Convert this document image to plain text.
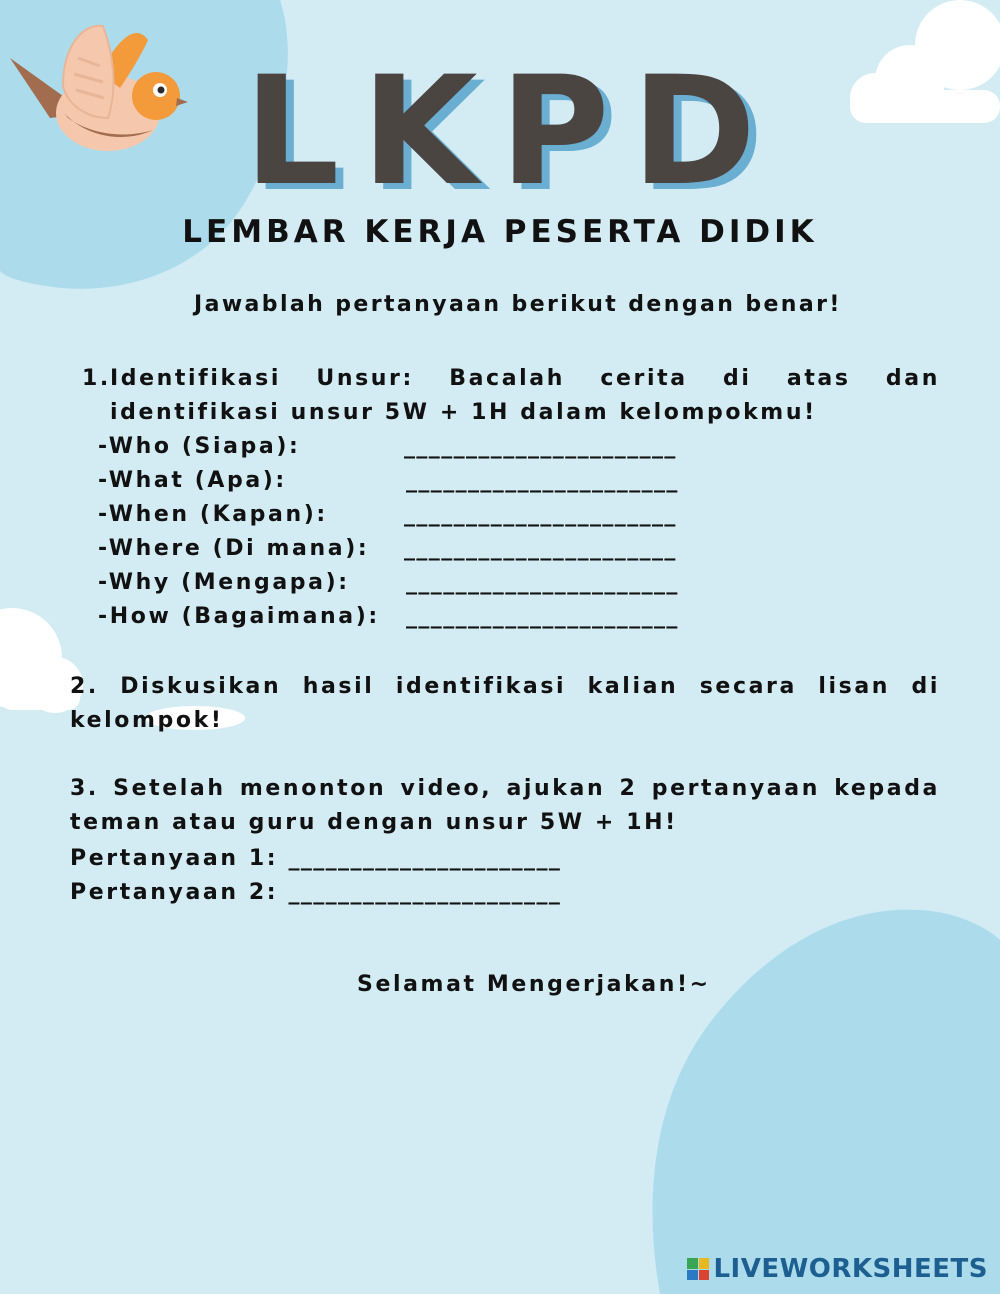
LKPD
LEMBAR KERJA PESERTA DIDIK
Jawablah pertanyaan berikut dengan benar!
1. Identifikasi Unsur: Bacalah cerita di atas dan identifikasi unsur 5W + 1H dalam kelompokmu!
-Who (Siapa):	______________________
-What (Apa):	______________________
-When (Kapan):	______________________
-Where (Di mana): ______________________
-Why (Mengapa):	______________________
-How (Bagaimana): ______________________
2. Diskusikan hasil identifikasi kalian secara lisan di kelompok!
3. Setelah menonton video, ajukan 2 pertanyaan kepada teman atau guru dengan unsur 5W + 1H!
Pertanyaan 1: ______________________
Pertanyaan 2: ______________________
Selamat Mengerjakan!~
LIVEWORKSHEETS
